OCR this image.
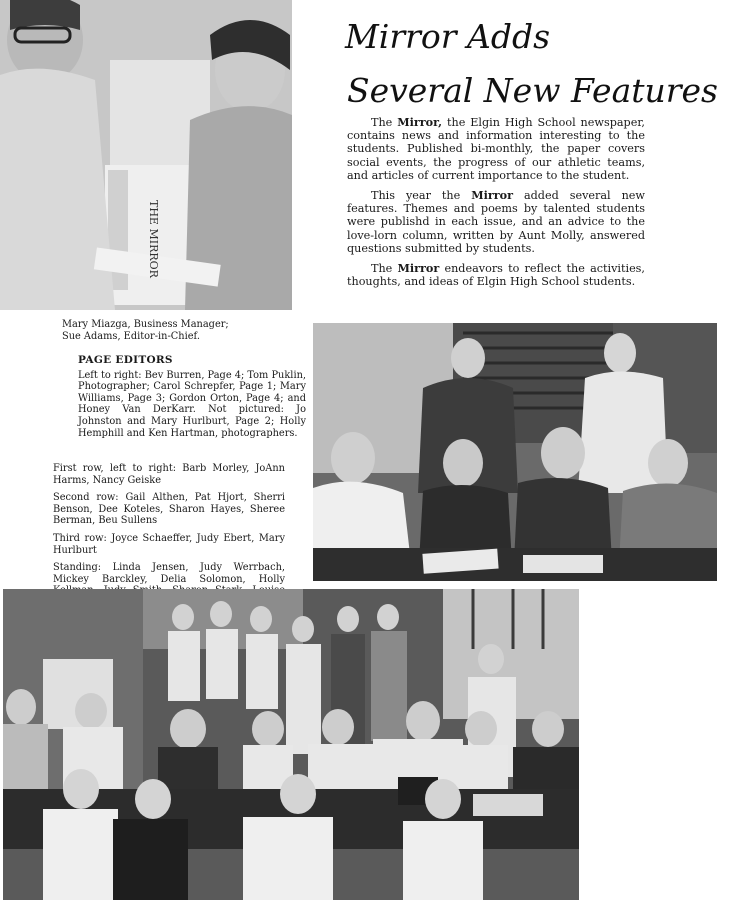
Mirror Adds
Several New Features

The Mirror, the Elgin High School newspaper, contains news and information interesting to the students. Published bi-monthly, the paper covers social events, the progress of our athletic teams, and articles of current importance to the student.

This year the Mirror added several new features. Themes and poems by talented students were publishd in each issue, and an advice to the love-lorn column, written by Aunt Molly, answered questions submitted by students.

The Mirror endeavors to reflect the activities, thoughts, and ideas of Elgin High School students.

THE MIRROR
Mary Miazga, Business Manager;
Sue Adams, Editor-in-Chief.
PAGE EDITORS
Left to right: Bev Burren, Page 4; Tom Puklin, Photographer; Carol Schrepfer, Page 1; Mary Williams, Page 3; Gordon Orton, Page 4; and Honey Van DerKarr. Not pictured: Jo Johnston and Mary Hurlburt, Page 2; Holly Hemphill and Ken Hartman, photographers.

First row, left to right: Barb Morley, JoAnn Harms, Nancy Geiske

Second row: Gail Althen, Pat Hjort, Sherri Benson, Dee Koteles, Sharon Hayes, Sheree Berman, Beu Sullens

Third row: Joyce Schaeffer, Judy Ebert, Mary Hurlburt

Standing: Linda Jensen, Judy Werrbach, Mickey Barckley, Delia Solomon, Holly
